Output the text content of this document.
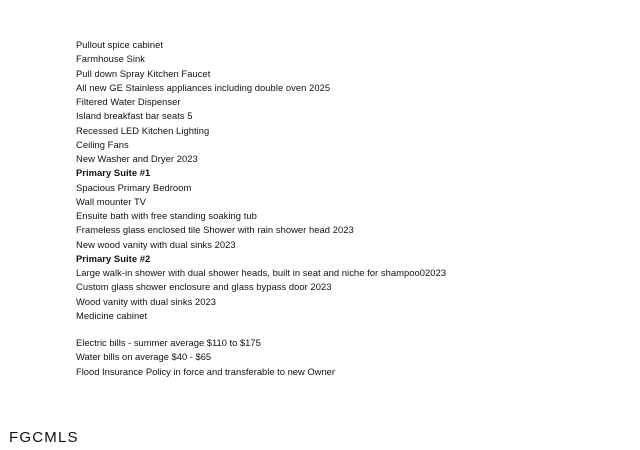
Pullout spice cabinet
Farmhouse Sink
Pull down Spray Kitchen Faucet
All new GE Stainless appliances including double oven 2025
Filtered Water Dispenser
Island breakfast bar seats 5
Recessed LED Kitchen Lighting
Ceiling Fans
New Washer and Dryer 2023
Primary Suite #1
Spacious Primary Bedroom
Wall mounter TV
Ensuite bath with free standing soaking tub
Frameless glass enclosed tile Shower with rain shower head 2023
New wood vanity with dual sinks 2023
Primary Suite #2
Large walk-in shower with dual shower heads, built in seat and niche for shampoo02023
Custom glass shower enclosure and glass bypass door 2023
Wood vanity with dual sinks 2023
Medicine cabinet
Electric bills - summer average $110 to $175
Water bills on average $40 - $65
Flood Insurance Policy in force and transferable to new Owner
FGCMLS
